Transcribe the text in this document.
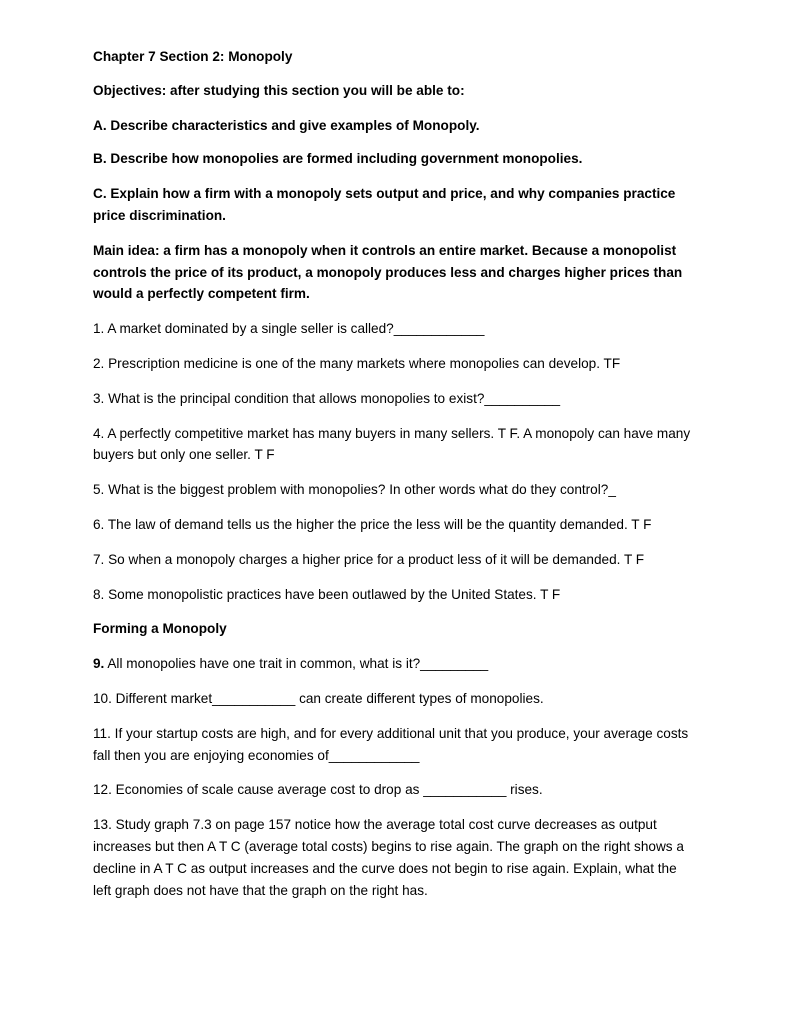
Chapter 7 Section 2: Monopoly

Objectives: after studying this section you will be able to:

A. Describe characteristics and give examples of Monopoly.

B. Describe how monopolies are formed including government monopolies.

C. Explain how a firm with a monopoly sets output and price, and why companies practice price discrimination.

Main idea: a firm has a monopoly when it controls an entire market. Because a monopolist controls the price of its product, a monopoly produces less and charges higher prices than would a perfectly competent firm.

1. A market dominated by a single seller is called?____________

2. Prescription medicine is one of the many markets where monopolies can develop. TF

3. What is the principal condition that allows monopolies to exist?__________

4. A perfectly competitive market has many buyers in many sellers. T F. A monopoly can have many buyers but only one seller. T F

5. What is the biggest problem with monopolies? In other words what do they control?_

6. The law of demand tells us the higher the price the less will be the quantity demanded. T F

7. So when a monopoly charges a higher price for a product less of it will be demanded. T F

8. Some monopolistic practices have been outlawed by the United States. T F

Forming a Monopoly

9. All monopolies have one trait in common, what is it?_________

10. Different market___________ can create different types of monopolies.

11. If your startup costs are high, and for every additional unit that you produce, your average costs fall then you are enjoying economies of____________

12. Economies of scale cause average cost to drop as ___________ rises.

13. Study graph 7.3 on page 157 notice how the average total cost curve decreases as output increases but then A T C (average total costs) begins to rise again. The graph on the right shows a decline in A T C as output increases and the curve does not begin to rise again. Explain, what the left graph does not have that the graph on the right has.
